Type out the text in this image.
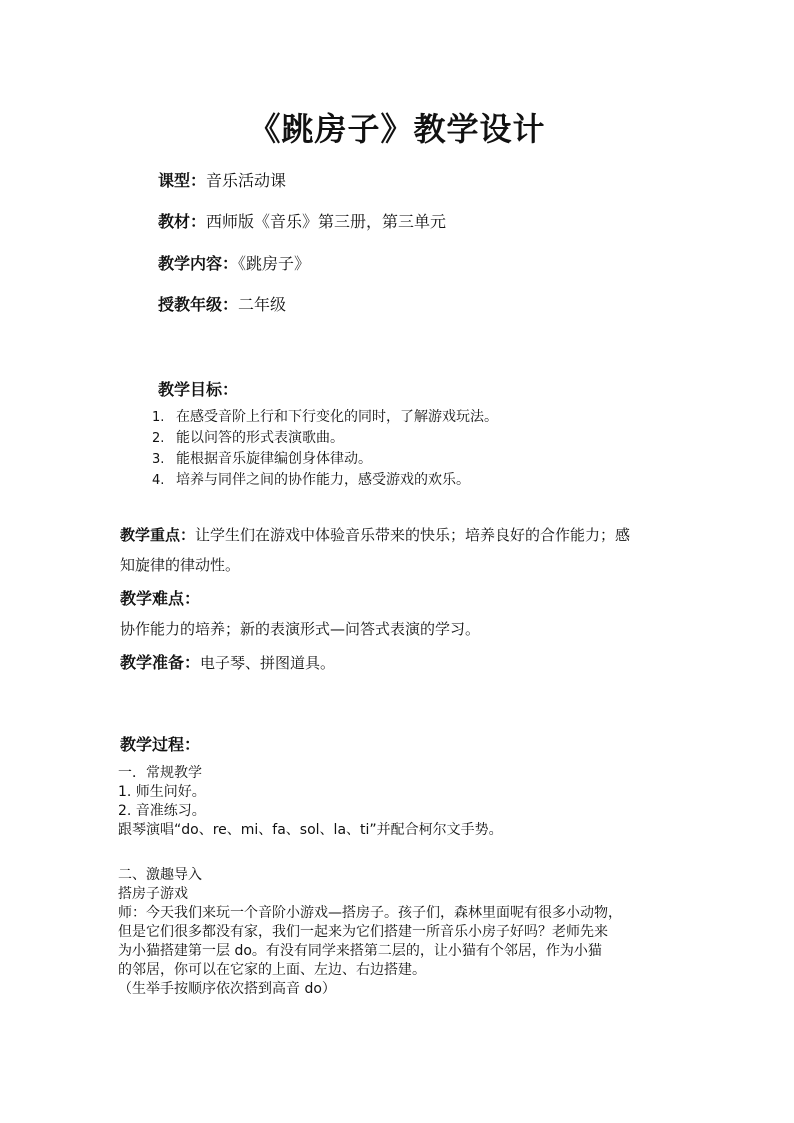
《跳房子》教学设计
课型：音乐活动课
教材：西师版《音乐》第三册，第三单元
教学内容：《跳房子》
授教年级：二年级
教学目标：
1. 在感受音阶上行和下行变化的同时，了解游戏玩法。
2. 能以问答的形式表演歌曲。
3. 能根据音乐旋律编创身体律动。
4. 培养与同伴之间的协作能力，感受游戏的欢乐。
教学重点：让学生们在游戏中体验音乐带来的快乐；培养良好的合作能力；感
知旋律的律动性。
教学难点：
协作能力的培养；新的表演形式—问答式表演的学习。
教学准备：电子琴、拼图道具。
教学过程：
一．常规教学
1. 师生问好。
2. 音准练习。
跟琴演唱“do、re、mi、fa、sol、la、ti”并配合柯尔文手势。
二、激趣导入
搭房子游戏
师：今天我们来玩一个音阶小游戏—搭房子。孩子们，森林里面呢有很多小动物，
但是它们很多都没有家，我们一起来为它们搭建一所音乐小房子好吗？老师先来
为小猫搭建第一层 do。有没有同学来搭第二层的，让小猫有个邻居，作为小猫
的邻居，你可以在它家的上面、左边、右边搭建。
（生举手按顺序依次搭到高音 do）
